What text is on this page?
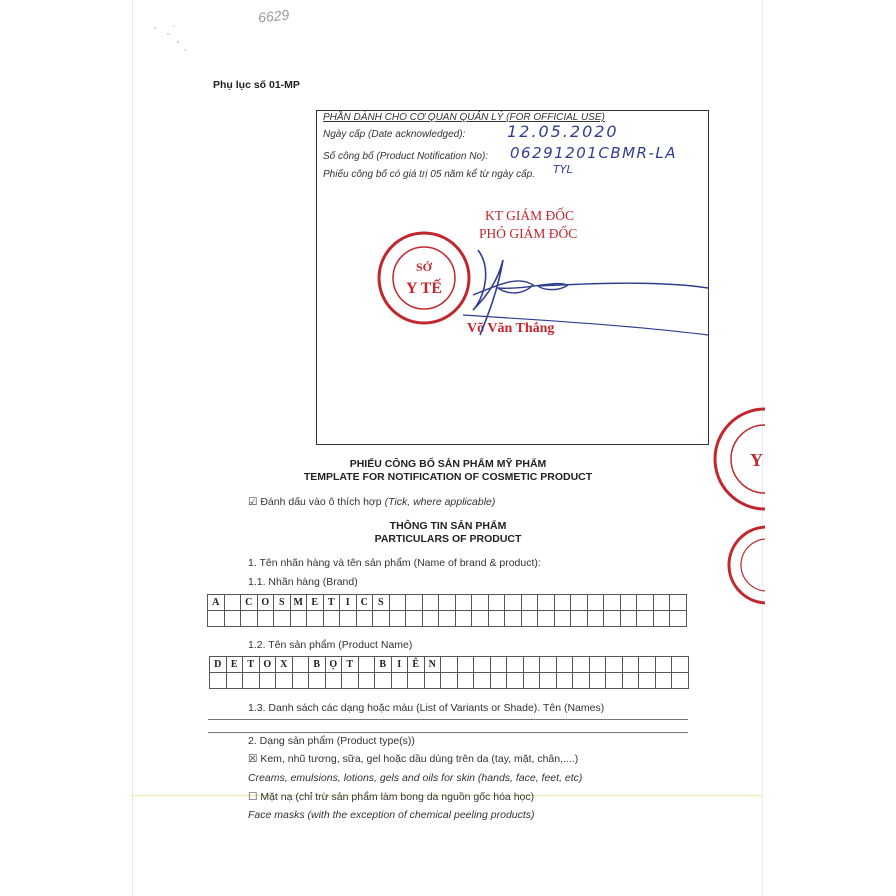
6629
Phụ lục số 01-MP
PHẦN DÀNH CHO CƠ QUAN QUẢN LÝ (FOR OFFICIAL USE)
Ngày cấp (Date acknowledged):	12.05.2020
Số công bố (Product Notification No): 06291201CBMR-LA
Phiếu công bố có giá trị 05 năm kể từ ngày cấp. TYL
KT GIÁM ĐỐC
PHÓ GIÁM ĐỐC
Võ Văn Thắng
SỞ
Y TẾ
Y
PHIẾU CÔNG BỐ SẢN PHẨM MỸ PHẨM
TEMPLATE FOR NOTIFICATION OF COSMETIC PRODUCT
☑ Đánh dấu vào ô thích hợp (Tick, where applicable)
THÔNG TIN SẢN PHẨM
PARTICULARS OF PRODUCT
1. Tên nhãn hàng và tên sản phẩm (Name of brand & product):
1.1. Nhãn hàng (Brand)
A		C	O	S	M	E	T	I	C	S																		

1.2. Tên sản phẩm (Product Name)
D	E	T	O	X		B	Ọ	T		B	I	Ê	N															

1.3. Danh sách các dạng hoặc màu (List of Variants or Shade). Tên (Names)
2. Dạng sản phẩm (Product type(s))
☒ Kem, nhũ tương, sữa, gel hoặc dầu dùng trên da (tay, mặt, chân,....)
Creams, emulsions, lotions, gels and oils for skin (hands, face, feet, etc)
☐ Mặt nạ (chỉ trừ sản phẩm làm bong da nguồn gốc hóa học)
Face masks (with the exception of chemical peeling products)
